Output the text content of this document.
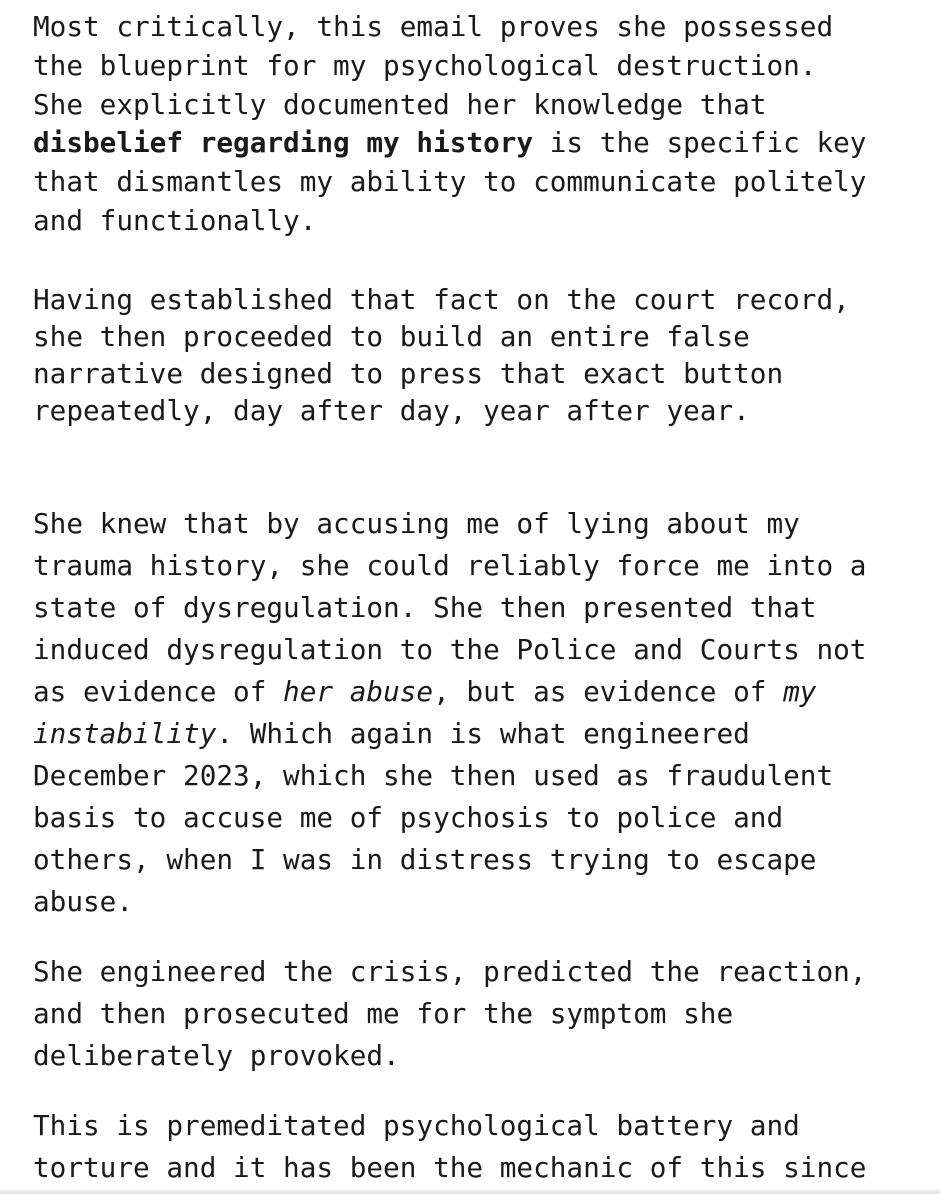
Most critically, this email proves she possessed
the blueprint for my psychological destruction.
She explicitly documented her knowledge that
disbelief regarding my history is the specific key
that dismantles my ability to communicate politely
and functionally.

Having established that fact on the court record,
she then proceeded to build an entire false
narrative designed to press that exact button
repeatedly, day after day, year after year.

She knew that by accusing me of lying about my
trauma history, she could reliably force me into a
state of dysregulation. She then presented that
induced dysregulation to the Police and Courts not
as evidence of her abuse, but as evidence of my
instability. Which again is what engineered
December 2023, which she then used as fraudulent
basis to accuse me of psychosis to police and
others, when I was in distress trying to escape
abuse.

She engineered the crisis, predicted the reaction,
and then prosecuted me for the symptom she
deliberately provoked.

This is premeditated psychological battery and
torture and it has been the mechanic of this since
